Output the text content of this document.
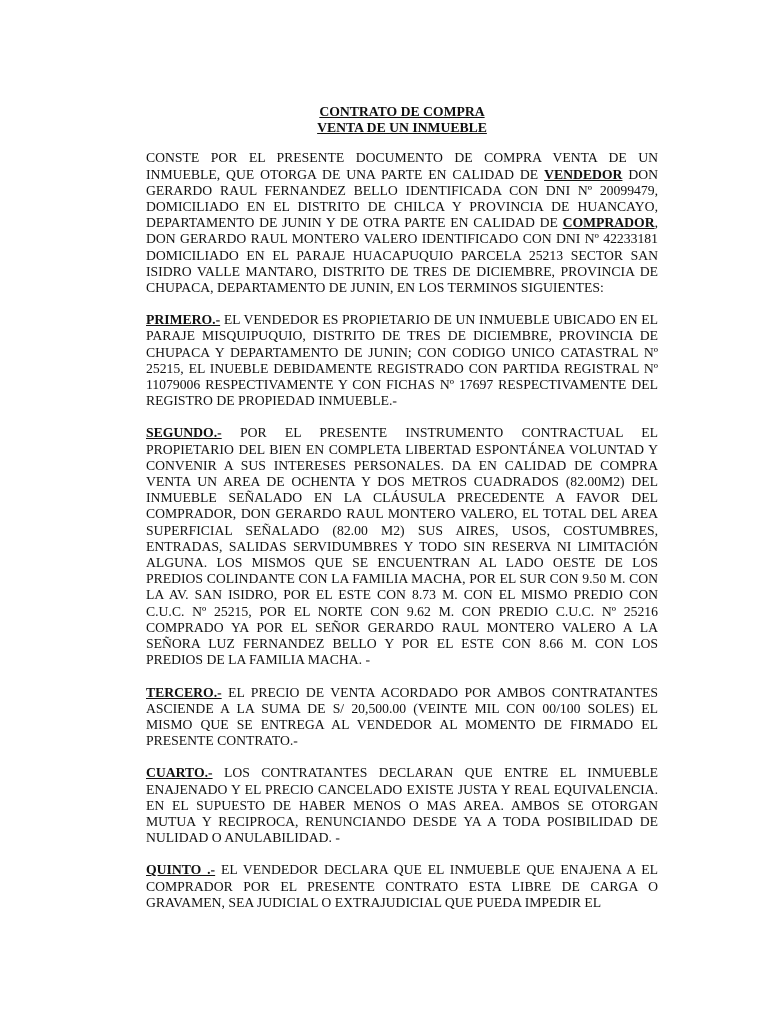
CONTRATO DE COMPRA

VENTA DE UN INMUEBLE

CONSTE POR EL PRESENTE DOCUMENTO DE COMPRA VENTA DE UN INMUEBLE, QUE OTORGA DE UNA PARTE EN CALIDAD DE VENDEDOR DON GERARDO RAUL FERNANDEZ BELLO IDENTIFICADA CON DNI Nº 20099479, DOMICILIADO EN EL DISTRITO DE CHILCA Y PROVINCIA DE HUANCAYO, DEPARTAMENTO DE JUNIN Y DE OTRA PARTE EN CALIDAD DE COMPRADOR, DON GERARDO RAUL MONTERO VALERO IDENTIFICADO CON DNI Nº 42233181 DOMICILIADO EN EL PARAJE HUACAPUQUIO PARCELA 25213 SECTOR SAN ISIDRO VALLE MANTARO, DISTRITO DE TRES DE DICIEMBRE, PROVINCIA DE CHUPACA, DEPARTAMENTO DE JUNIN, EN LOS TERMINOS SIGUIENTES:

PRIMERO.- EL VENDEDOR ES PROPIETARIO DE UN INMUEBLE UBICADO EN EL PARAJE MISQUIPUQUIO, DISTRITO DE TRES DE DICIEMBRE, PROVINCIA DE CHUPACA Y DEPARTAMENTO DE JUNIN; CON CODIGO UNICO CATASTRAL Nº 25215, EL INUEBLE DEBIDAMENTE REGISTRADO CON PARTIDA REGISTRAL Nº 11079006 RESPECTIVAMENTE Y CON FICHAS Nº 17697 RESPECTIVAMENTE DEL REGISTRO DE PROPIEDAD INMUEBLE.-

SEGUNDO.- POR EL PRESENTE INSTRUMENTO CONTRACTUAL EL PROPIETARIO DEL BIEN EN COMPLETA LIBERTAD ESPONTÁNEA VOLUNTAD Y CONVENIR A SUS INTERESES PERSONALES. DA EN CALIDAD DE COMPRA VENTA UN AREA DE OCHENTA Y DOS METROS CUADRADOS (82.00M2) DEL INMUEBLE SEÑALADO EN LA CLÁUSULA PRECEDENTE A FAVOR DEL COMPRADOR, DON GERARDO RAUL MONTERO VALERO, EL TOTAL DEL AREA SUPERFICIAL SEÑALADO (82.00 M2) SUS AIRES, USOS, COSTUMBRES, ENTRADAS, SALIDAS SERVIDUMBRES Y TODO SIN RESERVA NI LIMITACIÓN ALGUNA. LOS MISMOS QUE SE ENCUENTRAN AL LADO OESTE DE LOS PREDIOS COLINDANTE CON LA FAMILIA MACHA, POR EL SUR CON 9.50 M. CON LA AV. SAN ISIDRO, POR EL ESTE CON 8.73 M. CON EL MISMO PREDIO CON C.U.C. Nº 25215, POR EL NORTE CON 9.62 M. CON PREDIO C.U.C. Nº 25216 COMPRADO YA POR EL SEÑOR GERARDO RAUL MONTERO VALERO A LA SEÑORA LUZ FERNANDEZ BELLO Y POR EL ESTE CON 8.66 M. CON LOS PREDIOS DE LA FAMILIA MACHA. -

TERCERO.- EL PRECIO DE VENTA ACORDADO POR AMBOS CONTRATANTES ASCIENDE A LA SUMA DE S/ 20,500.00 (VEINTE MIL CON 00/100 SOLES) EL MISMO QUE SE ENTREGA AL VENDEDOR AL MOMENTO DE FIRMADO EL PRESENTE CONTRATO.-

CUARTO.- LOS CONTRATANTES DECLARAN QUE ENTRE EL INMUEBLE ENAJENADO Y EL PRECIO CANCELADO EXISTE JUSTA Y REAL EQUIVALENCIA. EN EL SUPUESTO DE HABER MENOS O MAS AREA. AMBOS SE OTORGAN MUTUA Y RECIPROCA, RENUNCIANDO DESDE YA A TODA POSIBILIDAD DE NULIDAD O ANULABILIDAD. -

QUINTO .- EL VENDEDOR DECLARA QUE EL INMUEBLE QUE ENAJENA A EL COMPRADOR POR EL PRESENTE CONTRATO ESTA LIBRE DE CARGA O GRAVAMEN, SEA JUDICIAL O EXTRAJUDICIAL QUE PUEDA IMPEDIR EL
